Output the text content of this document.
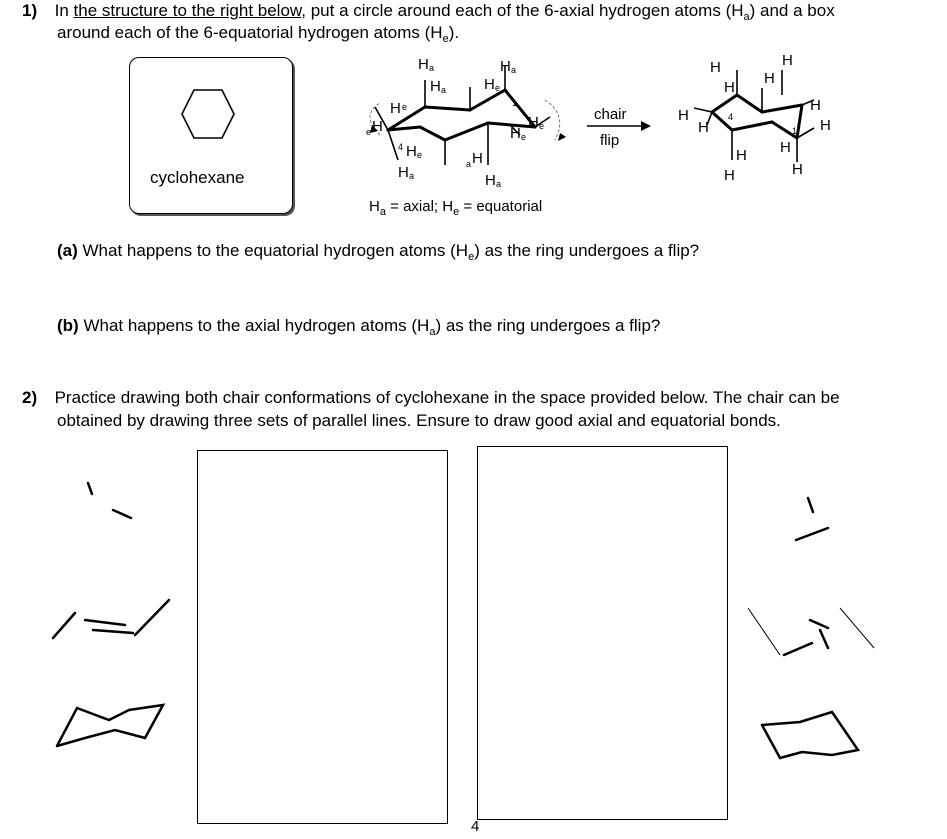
1) In the structure to the right below, put a circle around each of the 6-axial hydrogen atoms $(H_a)$ and a box
around each of the 6-equatorial hydrogen atoms $(H_e)$.
cyclohexane
H a
H a
H a
H e
1
H e
e H
4 H e
H a
a H
H a
H e
H e
$H_a$ = axial; $H_e$ = equatorial
chair
flip
H
H
H
H
H
H
4
H
H
1
H
H
H	H
(a) What happens to the equatorial hydrogen atoms $(H_e)$ as the ring undergoes a flip?
(b) What happens to the axial hydrogen atoms $(H_a)$ as the ring undergoes a flip?
2) Practice drawing both chair conformations of cyclohexane in the space provided below. The chair can be
obtained by drawing three sets of parallel lines. Ensure to draw good axial and equatorial bonds.
4
